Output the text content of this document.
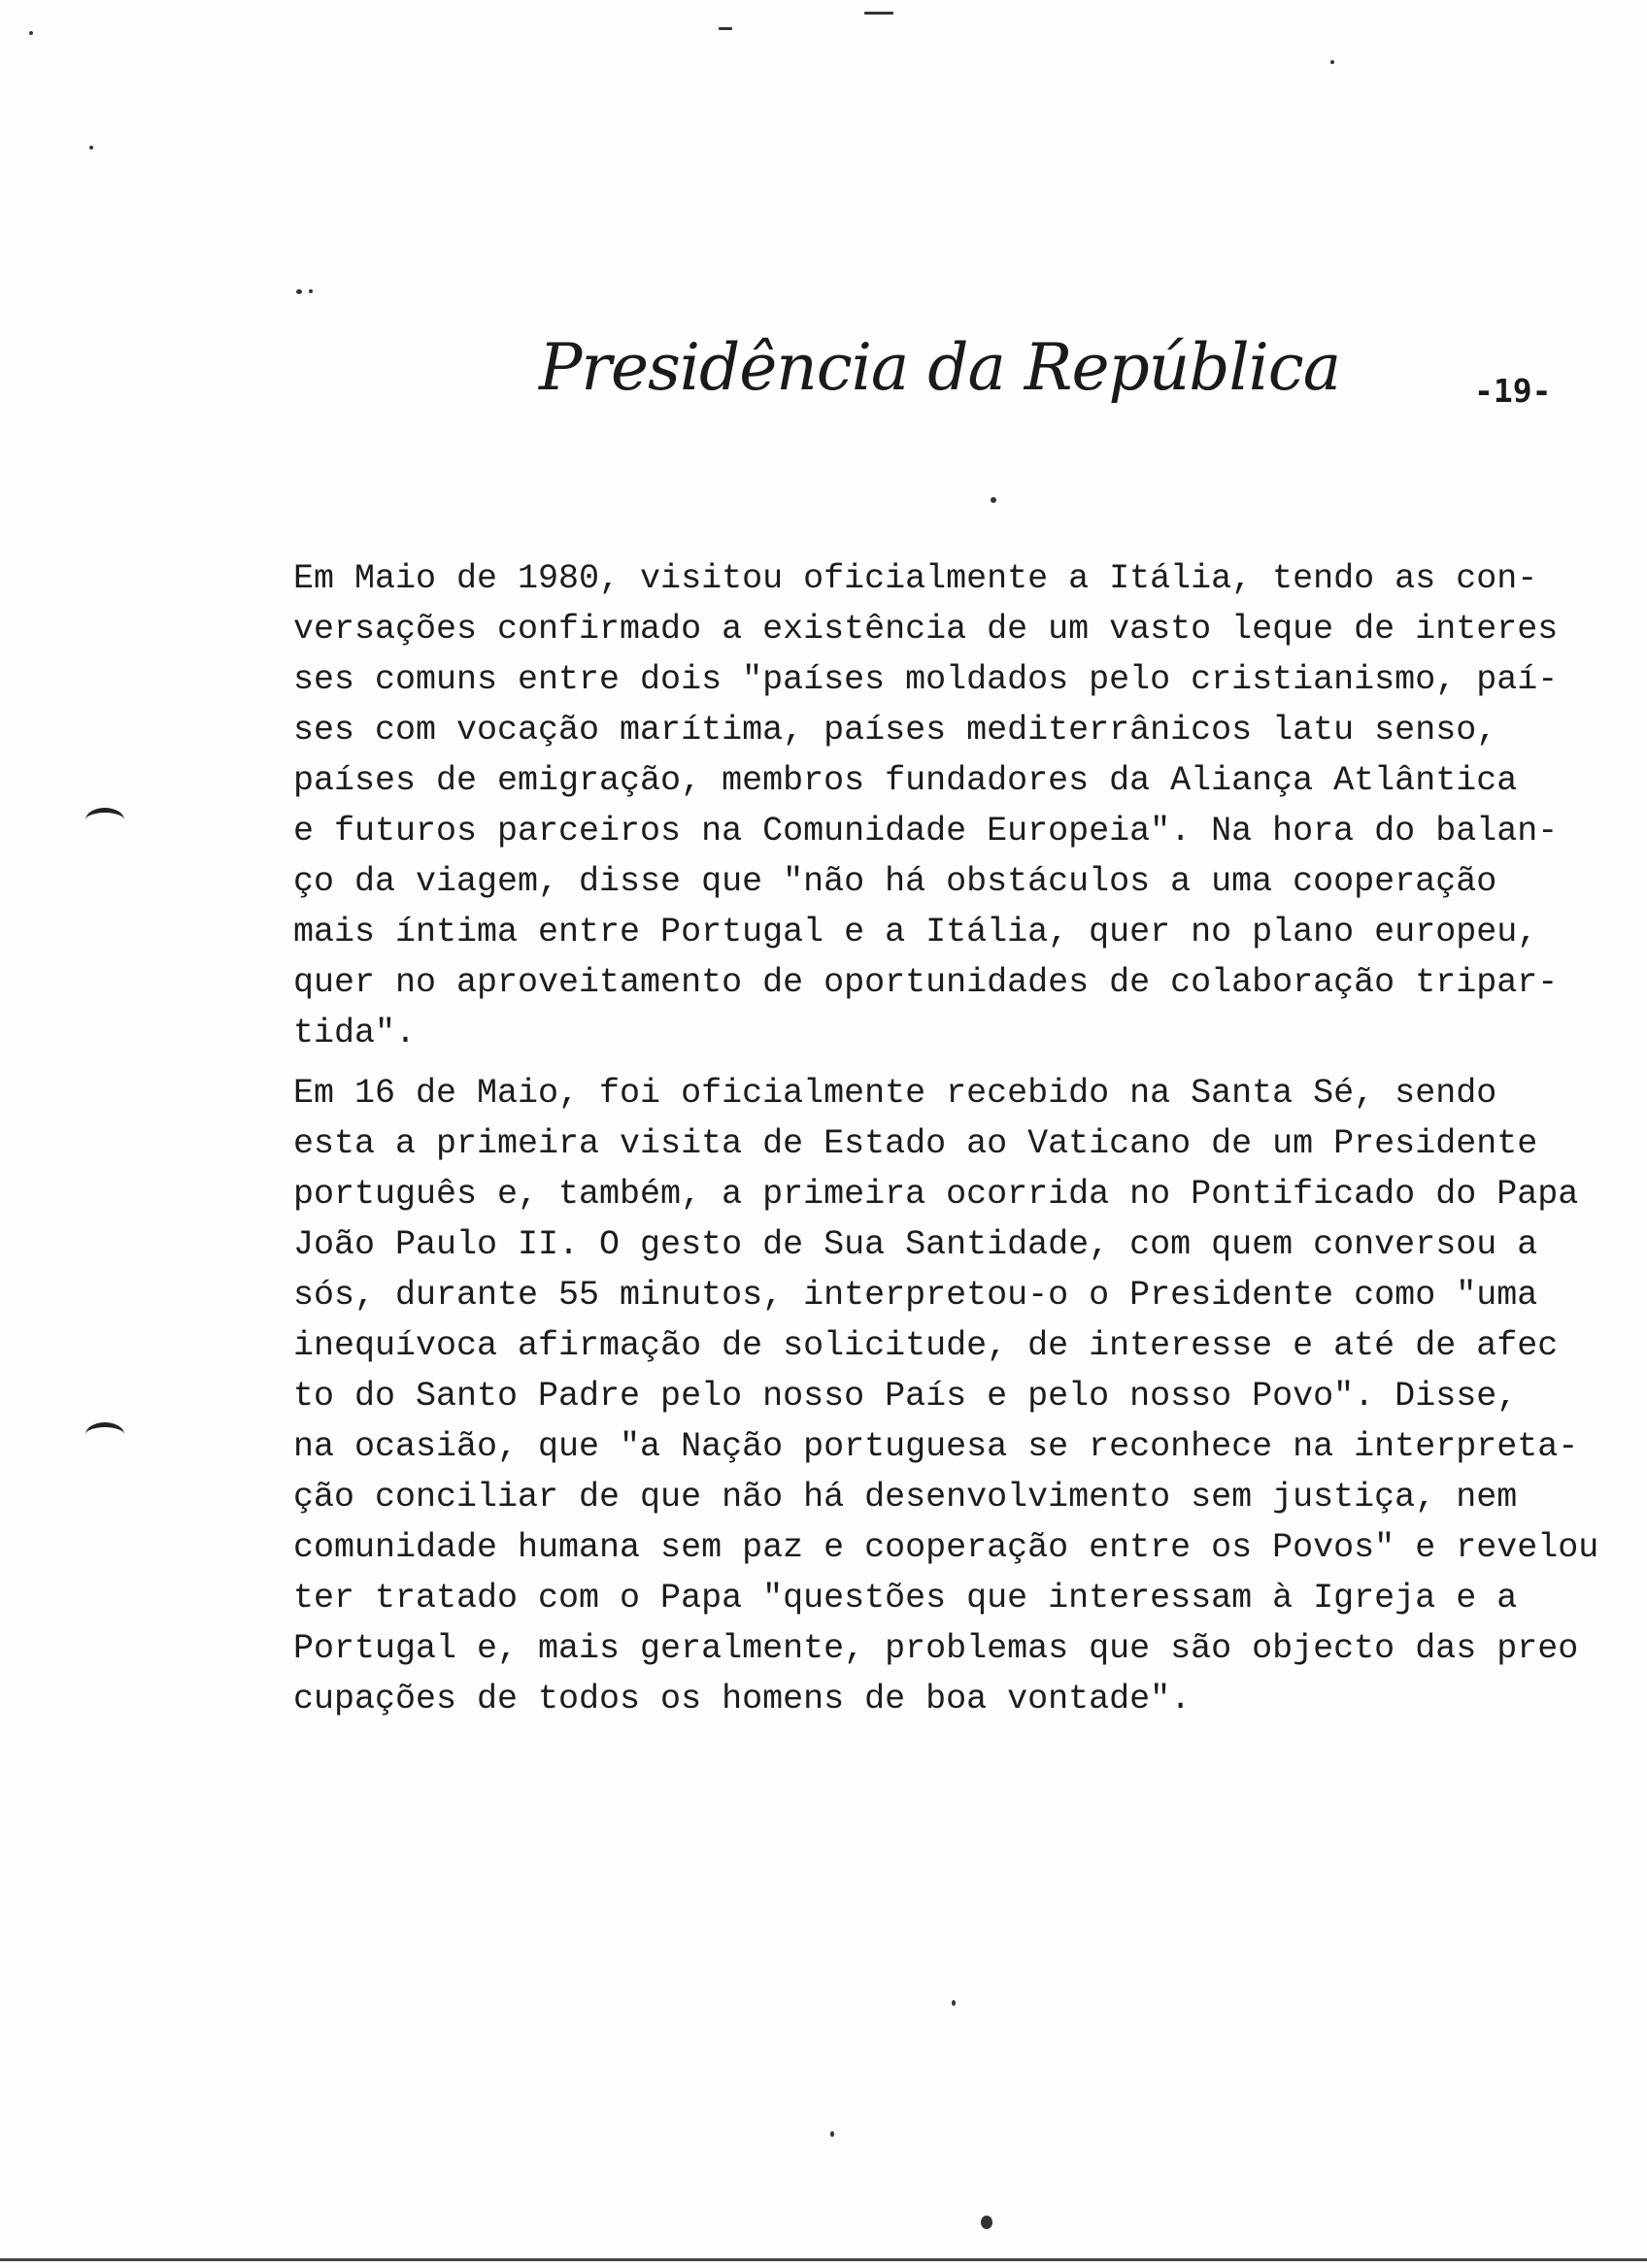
Presidência da República	-19-
Em Maio de 1980, visitou oficialmente a Itália, tendo as con-
versações confirmado a existência de um vasto leque de interes
ses comuns entre dois "países moldados pelo cristianismo, paí-
ses com vocação marítima, países mediterrânicos latu senso,
países de emigração, membros fundadores da Aliança Atlântica
e futuros parceiros na Comunidade Europeia". Na hora do balan-
ço da viagem, disse que "não há obstáculos a uma cooperação
mais íntima entre Portugal e a Itália, quer no plano europeu,
quer no aproveitamento de oportunidades de colaboração tripar-
tida".
Em 16 de Maio, foi oficialmente recebido na Santa Sé, sendo
esta a primeira visita de Estado ao Vaticano de um Presidente
português e, também, a primeira ocorrida no Pontificado do Papa
João Paulo II. O gesto de Sua Santidade, com quem conversou a
sós, durante 55 minutos, interpretou-o o Presidente como "uma
inequívoca afirmação de solicitude, de interesse e até de afec
to do Santo Padre pelo nosso País e pelo nosso Povo". Disse,
na ocasião, que "a Nação portuguesa se reconhece na interpreta-
ção conciliar de que não há desenvolvimento sem justiça, nem
comunidade humana sem paz e cooperação entre os Povos" e revelou
ter tratado com o Papa "questões que interessam à Igreja e a
Portugal e, mais geralmente, problemas que são objecto das preo
cupações de todos os homens de boa vontade".
